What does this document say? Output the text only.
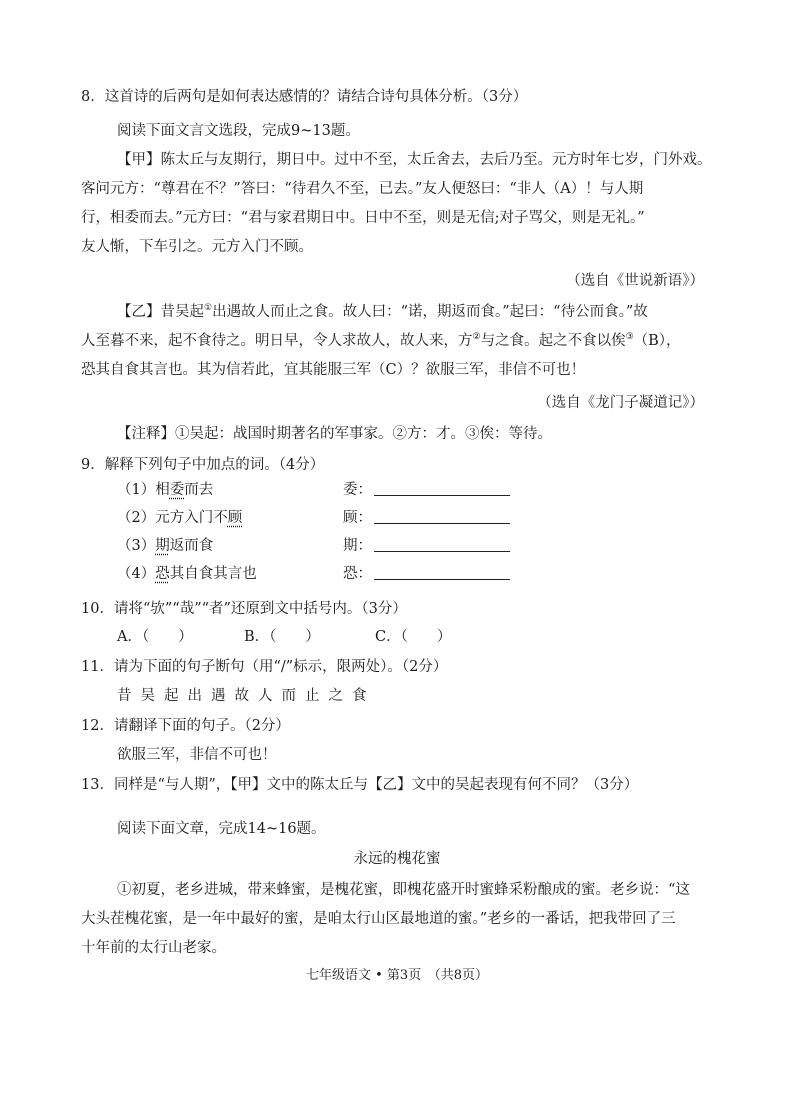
8．这首诗的后两句是如何表达感情的？请结合诗句具体分析。（3分）
阅读下面文言文选段，完成9~13题。
【甲】陈太丘与友期行，期日中。过中不至，太丘舍去，去后乃至。元方时年七岁，门外戏。
客问元方：“尊君在不？”答曰：“待君久不至，已去。”友人便怒曰：“非人（A）！与人期
行，相委而去。”元方曰：“君与家君期日中。日中不至，则是无信;对子骂父，则是无礼。”
友人惭，下车引之。元方入门不顾。
（选自《世说新语》）
【乙】昔吴起①出遇故人而止之食。故人曰：“诺，期返而食。”起曰：“待公而食。”故
人至暮不来，起不食待之。明日早，令人求故人，故人来，方②与之食。起之不食以俟③（B），
恐其自食其言也。其为信若此，宜其能服三军（C）？欲服三军，非信不可也！
（选自《龙门子凝道记》）
【注释】①吴起：战国时期著名的军事家。②方：才。③俟：等待。
9．解释下列句子中加点的词。（4分）
（1）相委而去	委：
（2）元方入门不顾	顾：
（3）期返而食	期：
（4）恐其自食其言也	恐：
10．请将“欤”“哉”“者”还原到文中括号内。（3分）
A．（　　）	B．（　　）	C．（　　）
11．请为下面的句子断句（用“/”标示，限两处）。（2分）
昔吴起出遇故人而止之食
12．请翻译下面的句子。（2分）
欲服三军，非信不可也！
13．同样是“与人期”，【甲】文中的陈太丘与【乙】文中的吴起表现有何不同？（3分）
阅读下面文章，完成14~16题。
永远的槐花蜜
①初夏，老乡进城，带来蜂蜜，是槐花蜜，即槐花盛开时蜜蜂采粉酿成的蜜。老乡说：“这
大头茬槐花蜜，是一年中最好的蜜，是咱太行山区最地道的蜜。”老乡的一番话，把我带回了三
十年前的太行山老家。
七年级语文 • 第3页　（共8页）
